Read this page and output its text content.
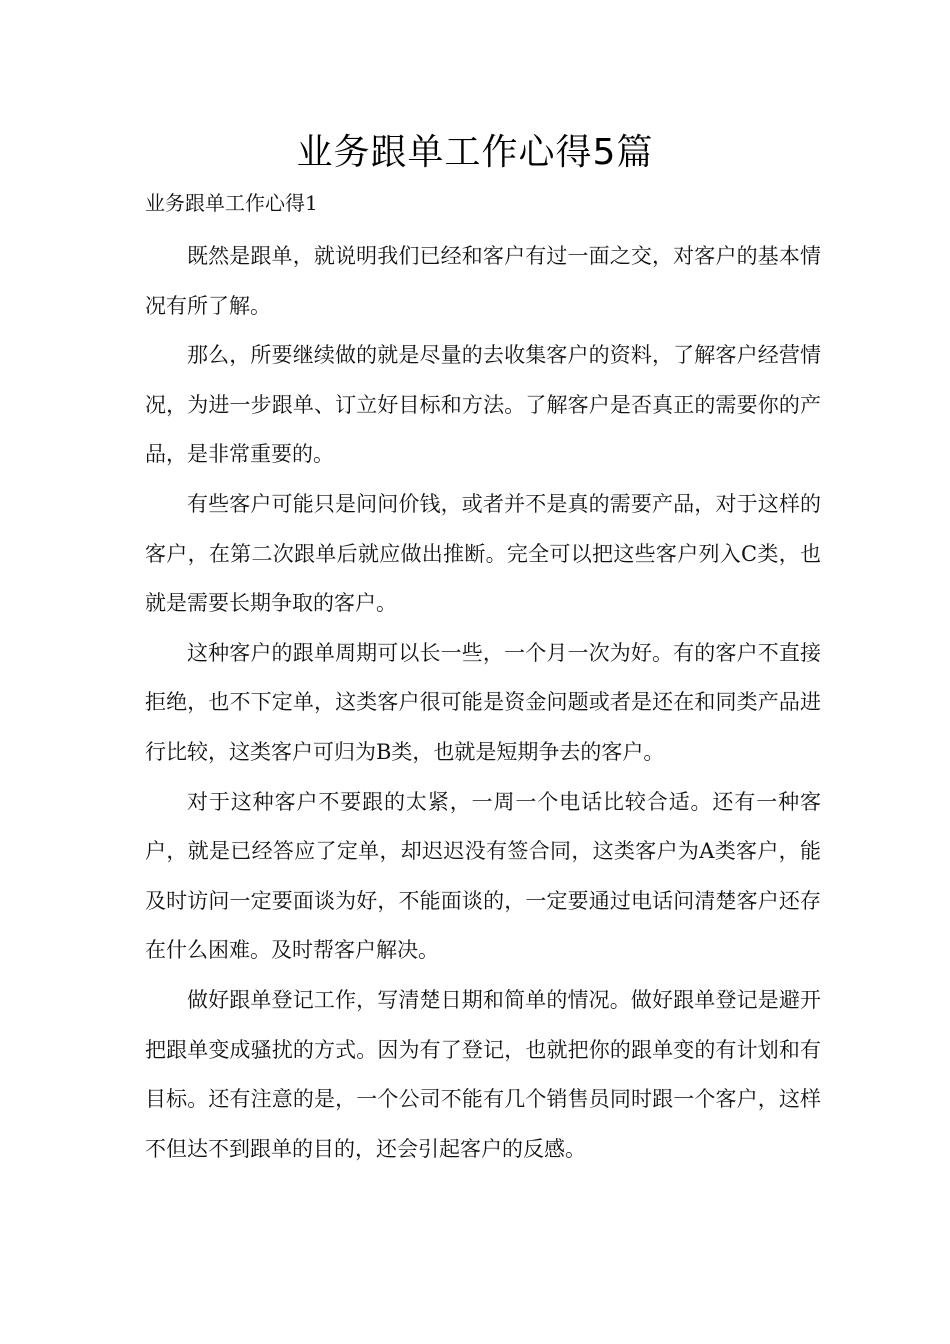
业务跟单工作心得5篇
业务跟单工作心得1

既然是跟单，就说明我们已经和客户有过一面之交，对客户的基本情况有所了解。

那么，所要继续做的就是尽量的去收集客户的资料，了解客户经营情况，为进一步跟单、订立好目标和方法。了解客户是否真正的需要你的产品，是非常重要的。

有些客户可能只是问问价钱，或者并不是真的需要产品，对于这样的客户，在第二次跟单后就应做出推断。完全可以把这些客户列入C类，也就是需要长期争取的客户。

这种客户的跟单周期可以长一些，一个月一次为好。有的客户不直接拒绝，也不下定单，这类客户很可能是资金问题或者是还在和同类产品进行比较，这类客户可归为B类，也就是短期争去的客户。

对于这种客户不要跟的太紧，一周一个电话比较合适。还有一种客户，就是已经答应了定单，却迟迟没有签合同，这类客户为A类客户，能及时访问一定要面谈为好，不能面谈的，一定要通过电话问清楚客户还存在什么困难。及时帮客户解决。

做好跟单登记工作，写清楚日期和简单的情况。做好跟单登记是避开把跟单变成骚扰的方式。因为有了登记，也就把你的跟单变的有计划和有目标。还有注意的是，一个公司不能有几个销售员同时跟一个客户，这样不但达不到跟单的目的，还会引起客户的反感。
